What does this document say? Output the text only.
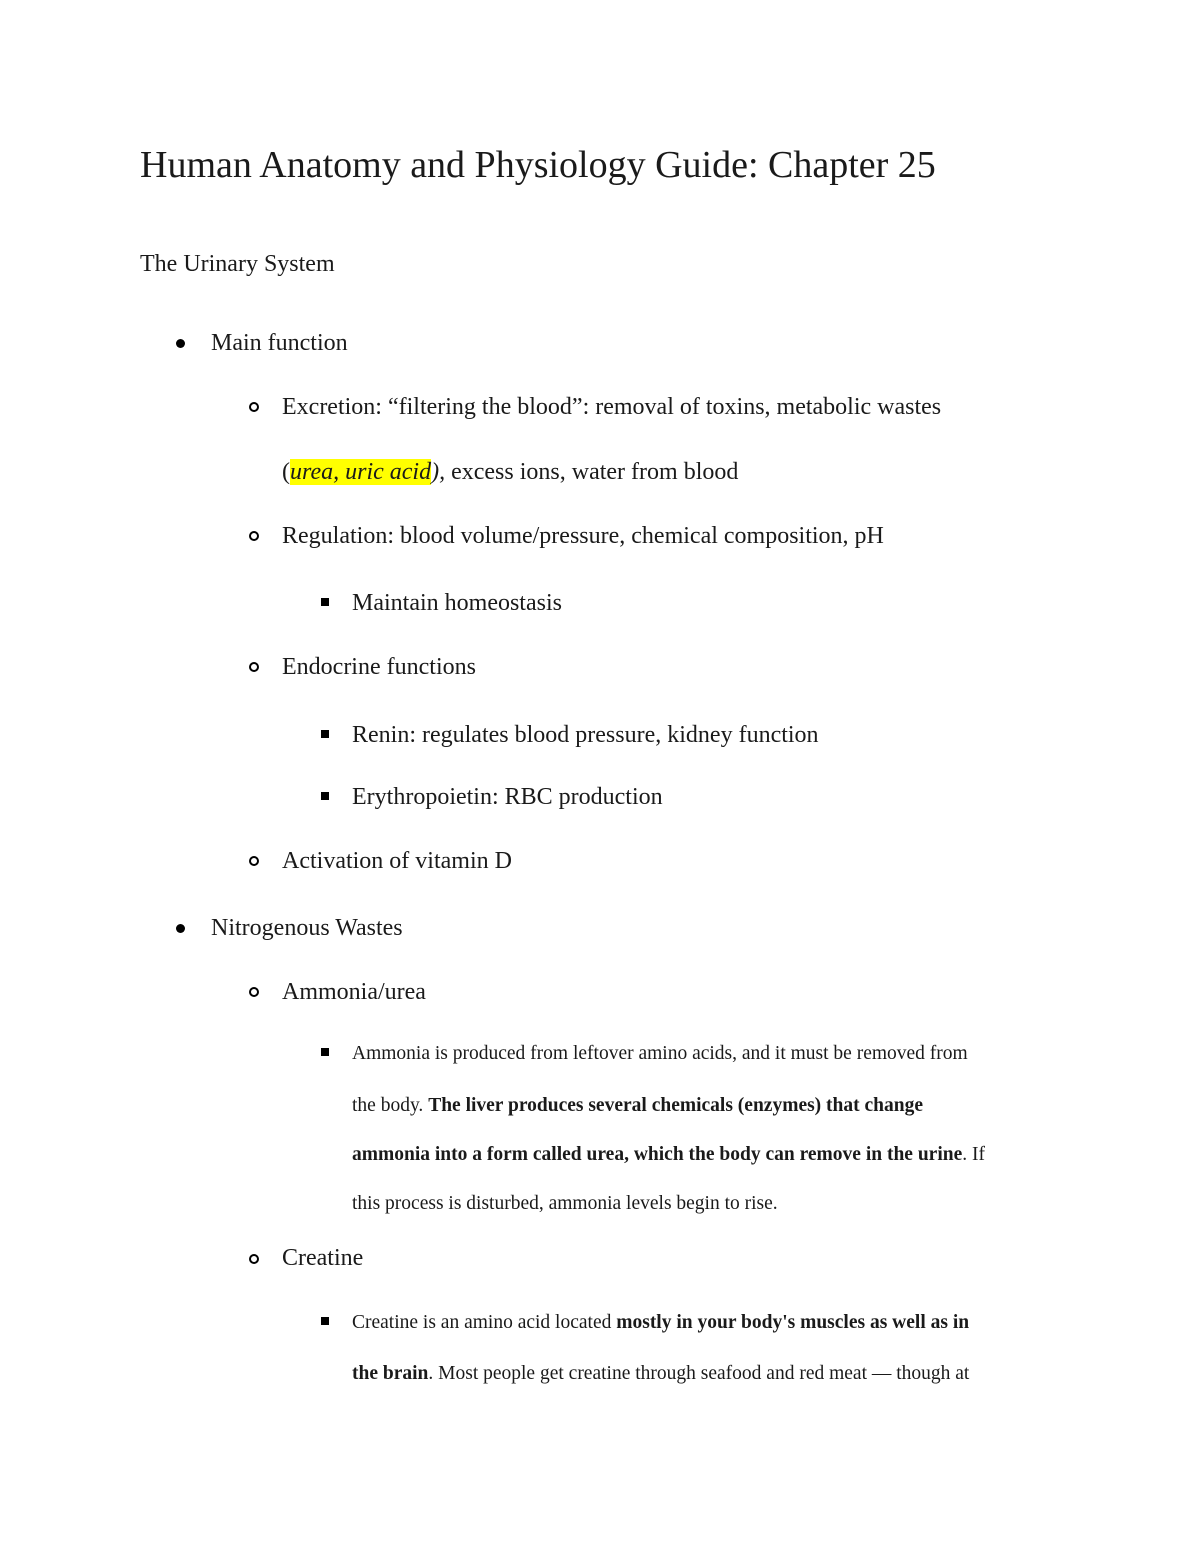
Human Anatomy and Physiology Guide: Chapter 25
The Urinary System
Main function
Excretion: “filtering the blood”: removal of toxins, metabolic wastes
(urea, uric acid), excess ions, water from blood
Regulation: blood volume/pressure, chemical composition, pH
Maintain homeostasis
Endocrine functions
Renin: regulates blood pressure, kidney function
Erythropoietin: RBC production
Activation of vitamin D
Nitrogenous Wastes
Ammonia/urea
Ammonia is produced from leftover amino acids, and it must be removed from
the body. The liver produces several chemicals (enzymes) that change
ammonia into a form called urea, which the body can remove in the urine. If
this process is disturbed, ammonia levels begin to rise.
Creatine
Creatine is an amino acid located mostly in your body's muscles as well as in
the brain. Most people get creatine through seafood and red meat — though at
